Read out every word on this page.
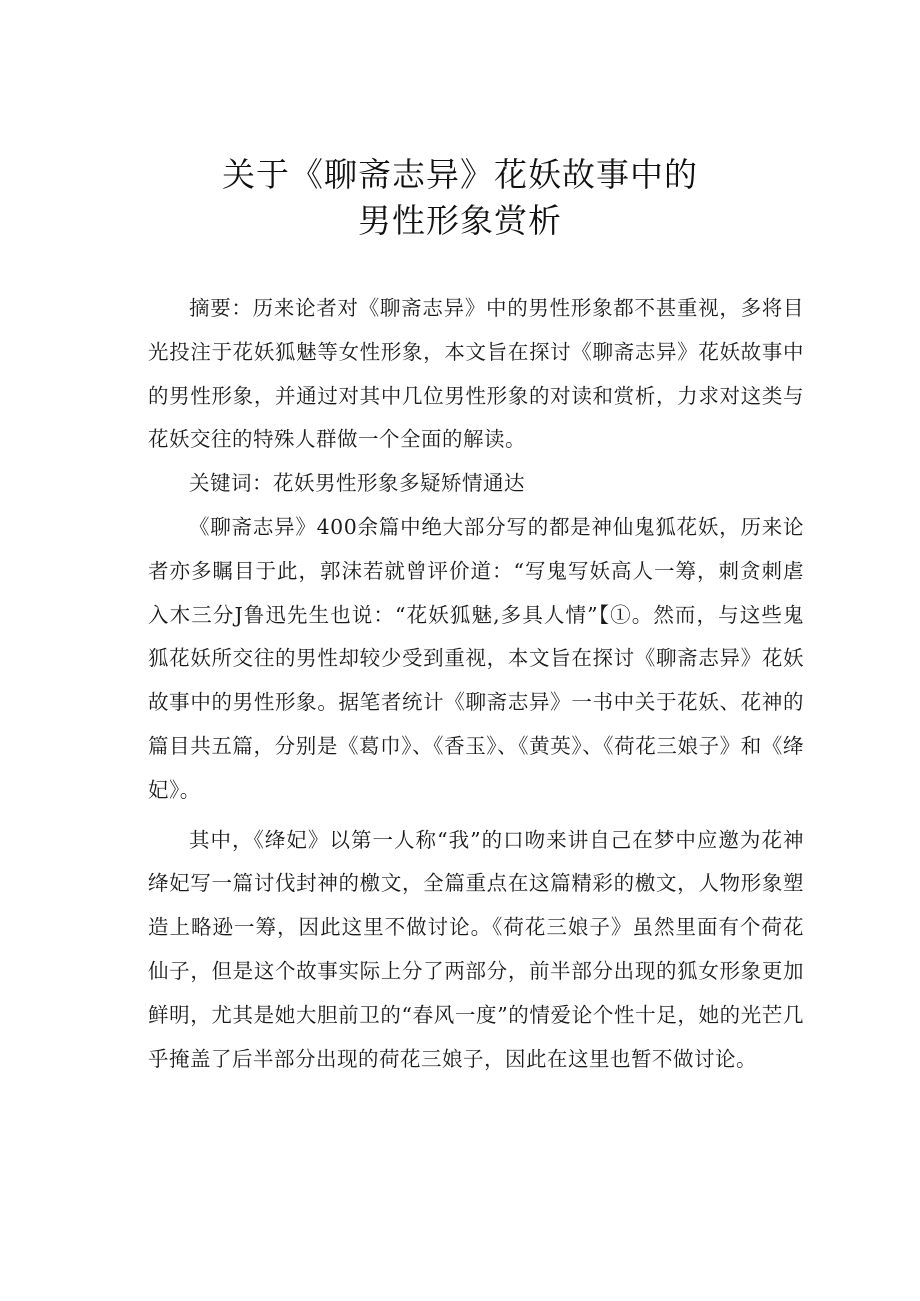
关于《聊斋志异》花妖故事中的
男性形象赏析

摘要：历来论者对《聊斋志异》中的男性形象都不甚重视，多将目光投注于花妖狐魅等女性形象，本文旨在探讨《聊斋志异》花妖故事中的男性形象，并通过对其中几位男性形象的对读和赏析，力求对这类与花妖交往的特殊人群做一个全面的解读。

关键词：花妖男性形象多疑矫情通达

《聊斋志异》400余篇中绝大部分写的都是神仙鬼狐花妖，历来论者亦多瞩目于此，郭沫若就曾评价道：“写鬼写妖高人一筹，刺贪刺虐入木三分J鲁迅先生也说：“花妖狐魅,多具人情”【①。然而，与这些鬼狐花妖所交往的男性却较少受到重视，本文旨在探讨《聊斋志异》花妖故事中的男性形象。据笔者统计《聊斋志异》一书中关于花妖、花神的篇目共五篇，分别是《葛巾》、《香玉》、《黄英》、《荷花三娘子》和《绛妃》。

其中，《绛妃》以第一人称“我”的口吻来讲自己在梦中应邀为花神绛妃写一篇讨伐封神的檄文，全篇重点在这篇精彩的檄文，人物形象塑造上略逊一筹，因此这里不做讨论。《荷花三娘子》虽然里面有个荷花仙子，但是这个故事实际上分了两部分，前半部分出现的狐女形象更加鲜明，尤其是她大胆前卫的“春风一度”的情爱论个性十足，她的光芒几乎掩盖了后半部分出现的荷花三娘子，因此在这里也暂不做讨论。
